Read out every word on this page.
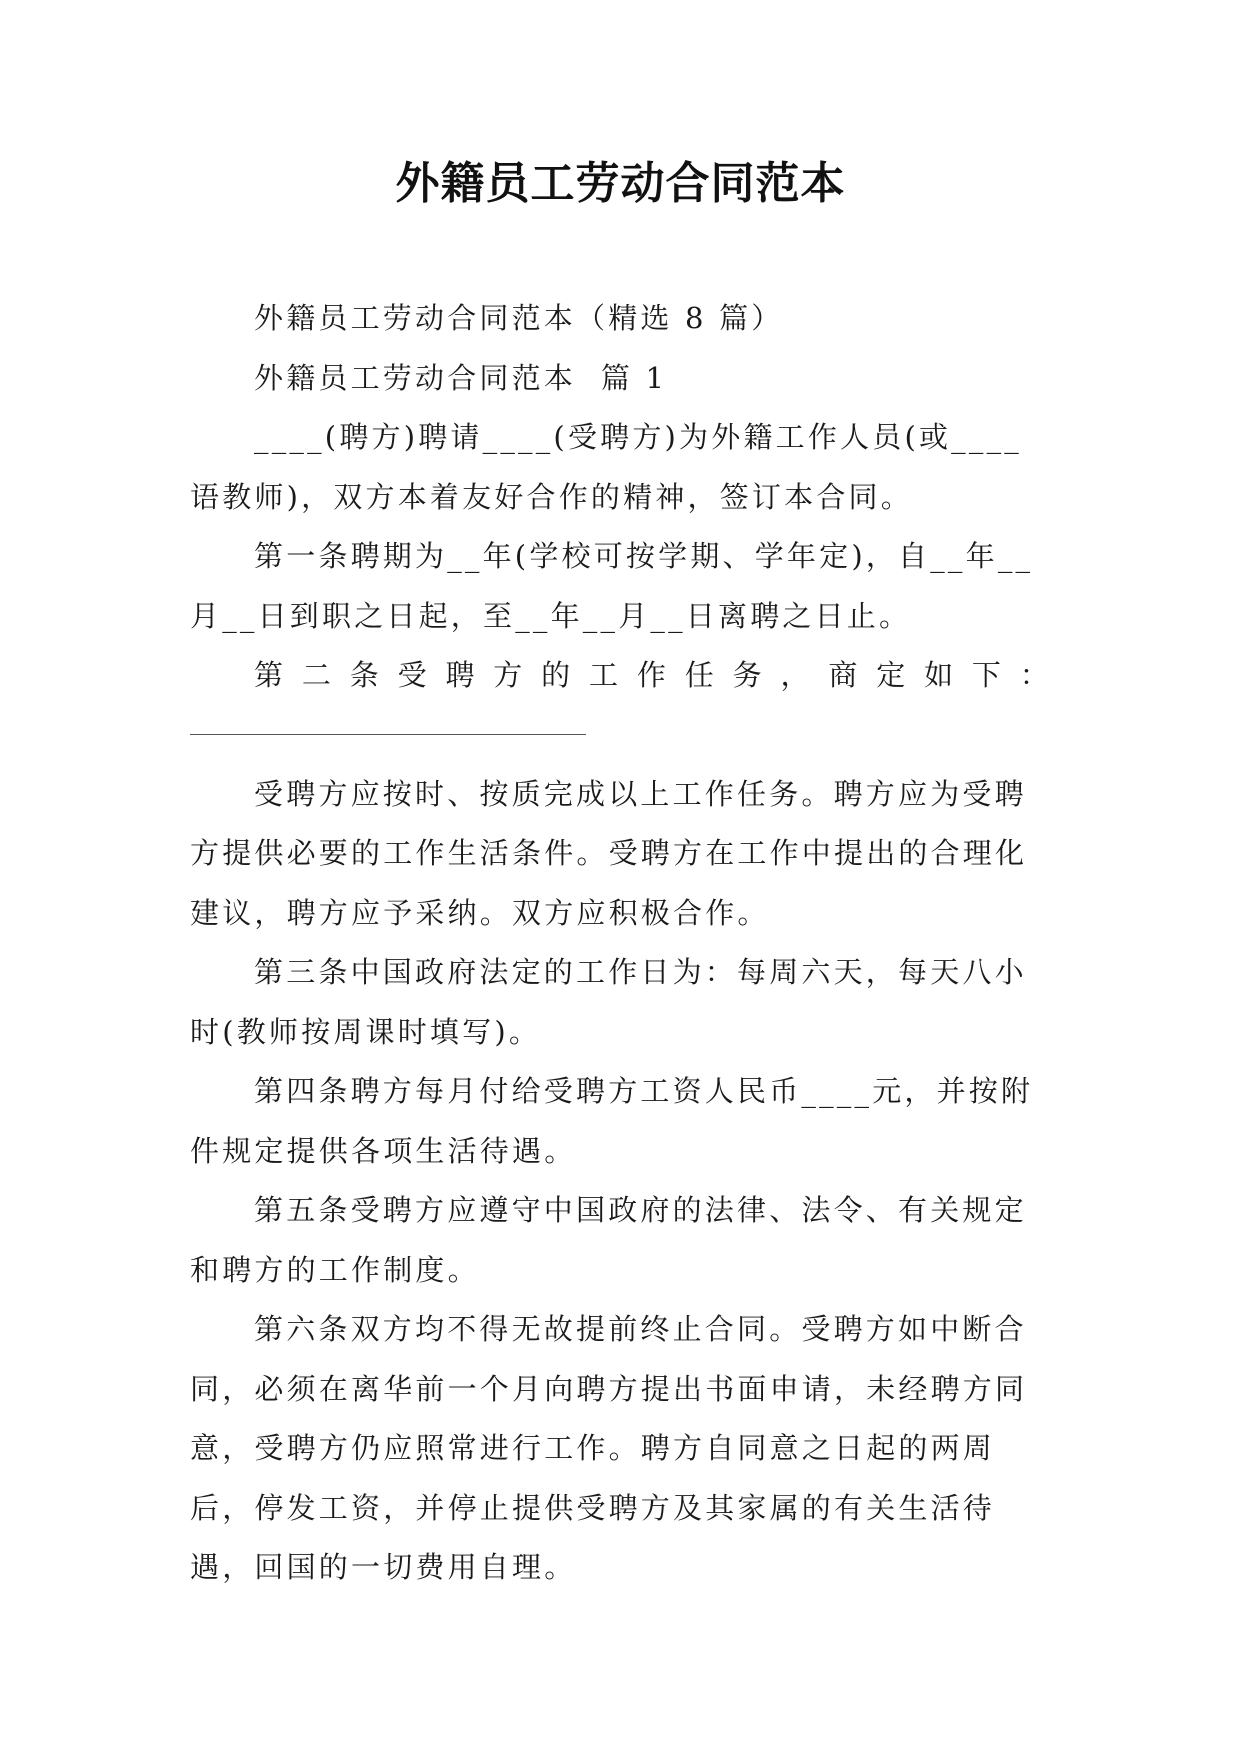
外籍员工劳动合同范本

外籍员工劳动合同范本（精选 8 篇）

外籍员工劳动合同范本  篇 1

____(聘方)聘请____(受聘方)为外籍工作人员(或____语教师)，双方本着友好合作的精神，签订本合同。

第一条聘期为__年(学校可按学期、学年定)，自__年__月__日到职之日起，至__年__月__日离聘之日止。

第二条受聘方的工作任务，商定如下：

受聘方应按时、按质完成以上工作任务。聘方应为受聘方提供必要的工作生活条件。受聘方在工作中提出的合理化建议，聘方应予采纳。双方应积极合作。

第三条中国政府法定的工作日为：每周六天，每天八小时(教师按周课时填写)。

第四条聘方每月付给受聘方工资人民币____元，并按附件规定提供各项生活待遇。

第五条受聘方应遵守中国政府的法律、法令、有关规定和聘方的工作制度。

第六条双方均不得无故提前终止合同。受聘方如中断合同，必须在离华前一个月向聘方提出书面申请，未经聘方同意，受聘方仍应照常进行工作。聘方自同意之日起的两周后，停发工资，并停止提供受聘方及其家属的有关生活待遇，回国的一切费用自理。
